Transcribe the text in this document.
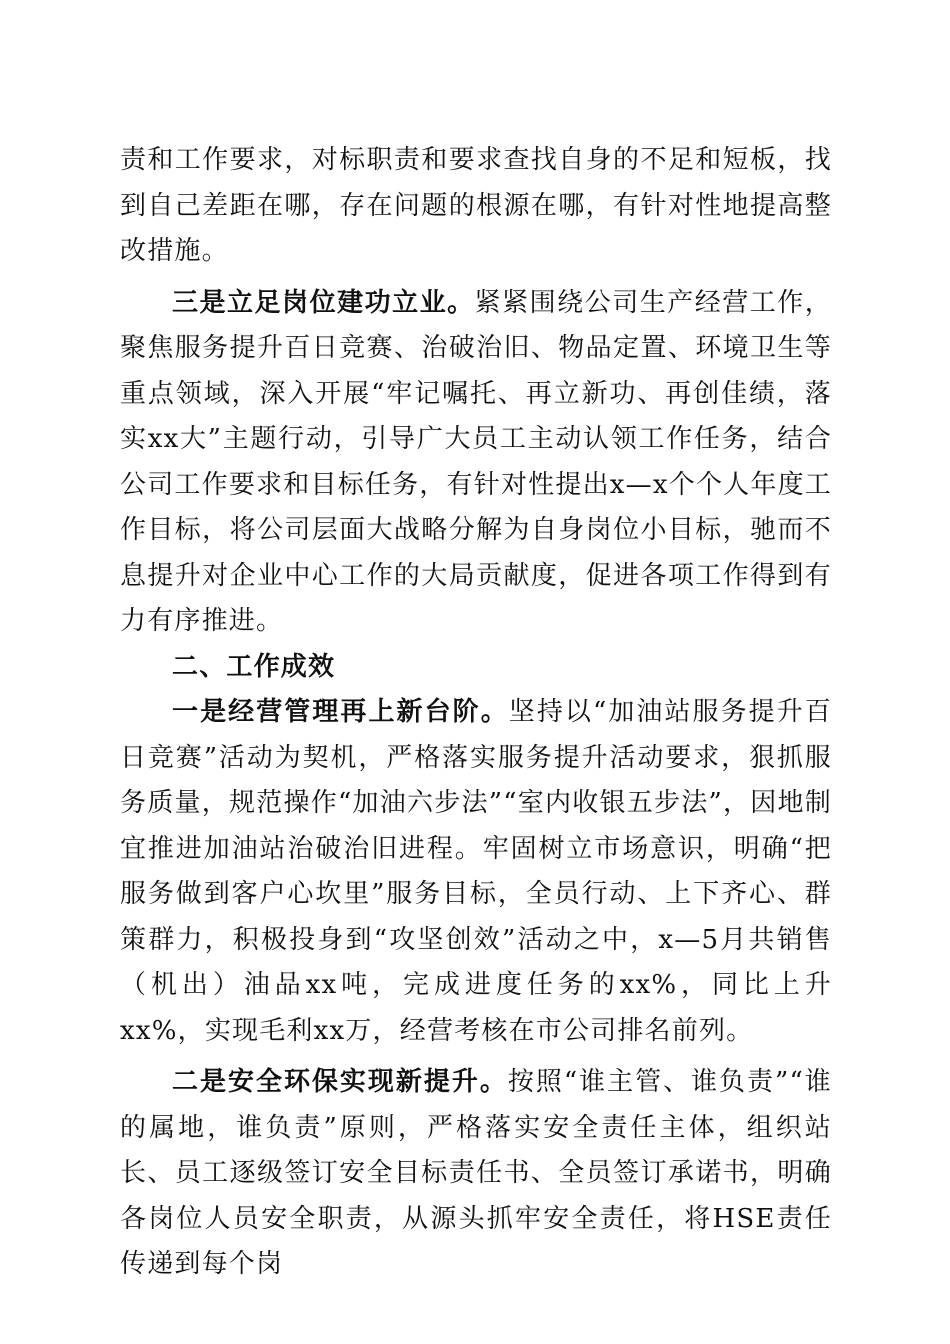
责和工作要求，对标职责和要求查找自身的不足和短板，找到自己差距在哪，存在问题的根源在哪，有针对性地提高整改措施。

三是立足岗位建功立业。紧紧围绕公司生产经营工作，聚焦服务提升百日竞赛、治破治旧、物品定置、环境卫生等重点领域，深入开展“牢记嘱托、再立新功、再创佳绩，落实xx大”主题行动，引导广大员工主动认领工作任务，结合公司工作要求和目标任务，有针对性提出x—x个个人年度工作目标，将公司层面大战略分解为自身岗位小目标，驰而不息提升对企业中心工作的大局贡献度，促进各项工作得到有力有序推进。

二、工作成效

一是经营管理再上新台阶。坚持以“加油站服务提升百日竞赛”活动为契机，严格落实服务提升活动要求，狠抓服务质量，规范操作“加油六步法”“室内收银五步法”，因地制宜推进加油站治破治旧进程。牢固树立市场意识，明确“把服务做到客户心坎里”服务目标，全员行动、上下齐心、群策群力，积极投身到“攻坚创效”活动之中，x—5月共销售（机出）油品xx吨，完成进度任务的xx%，同比上升xx%，实现毛利xx万，经营考核在市公司排名前列。

二是安全环保实现新提升。按照“谁主管、谁负责”“谁的属地，谁负责”原则，严格落实安全责任主体，组织站长、员工逐级签订安全目标责任书、全员签订承诺书，明确各岗位人员安全职责，从源头抓牢安全责任，将HSE责任传递到每个岗
